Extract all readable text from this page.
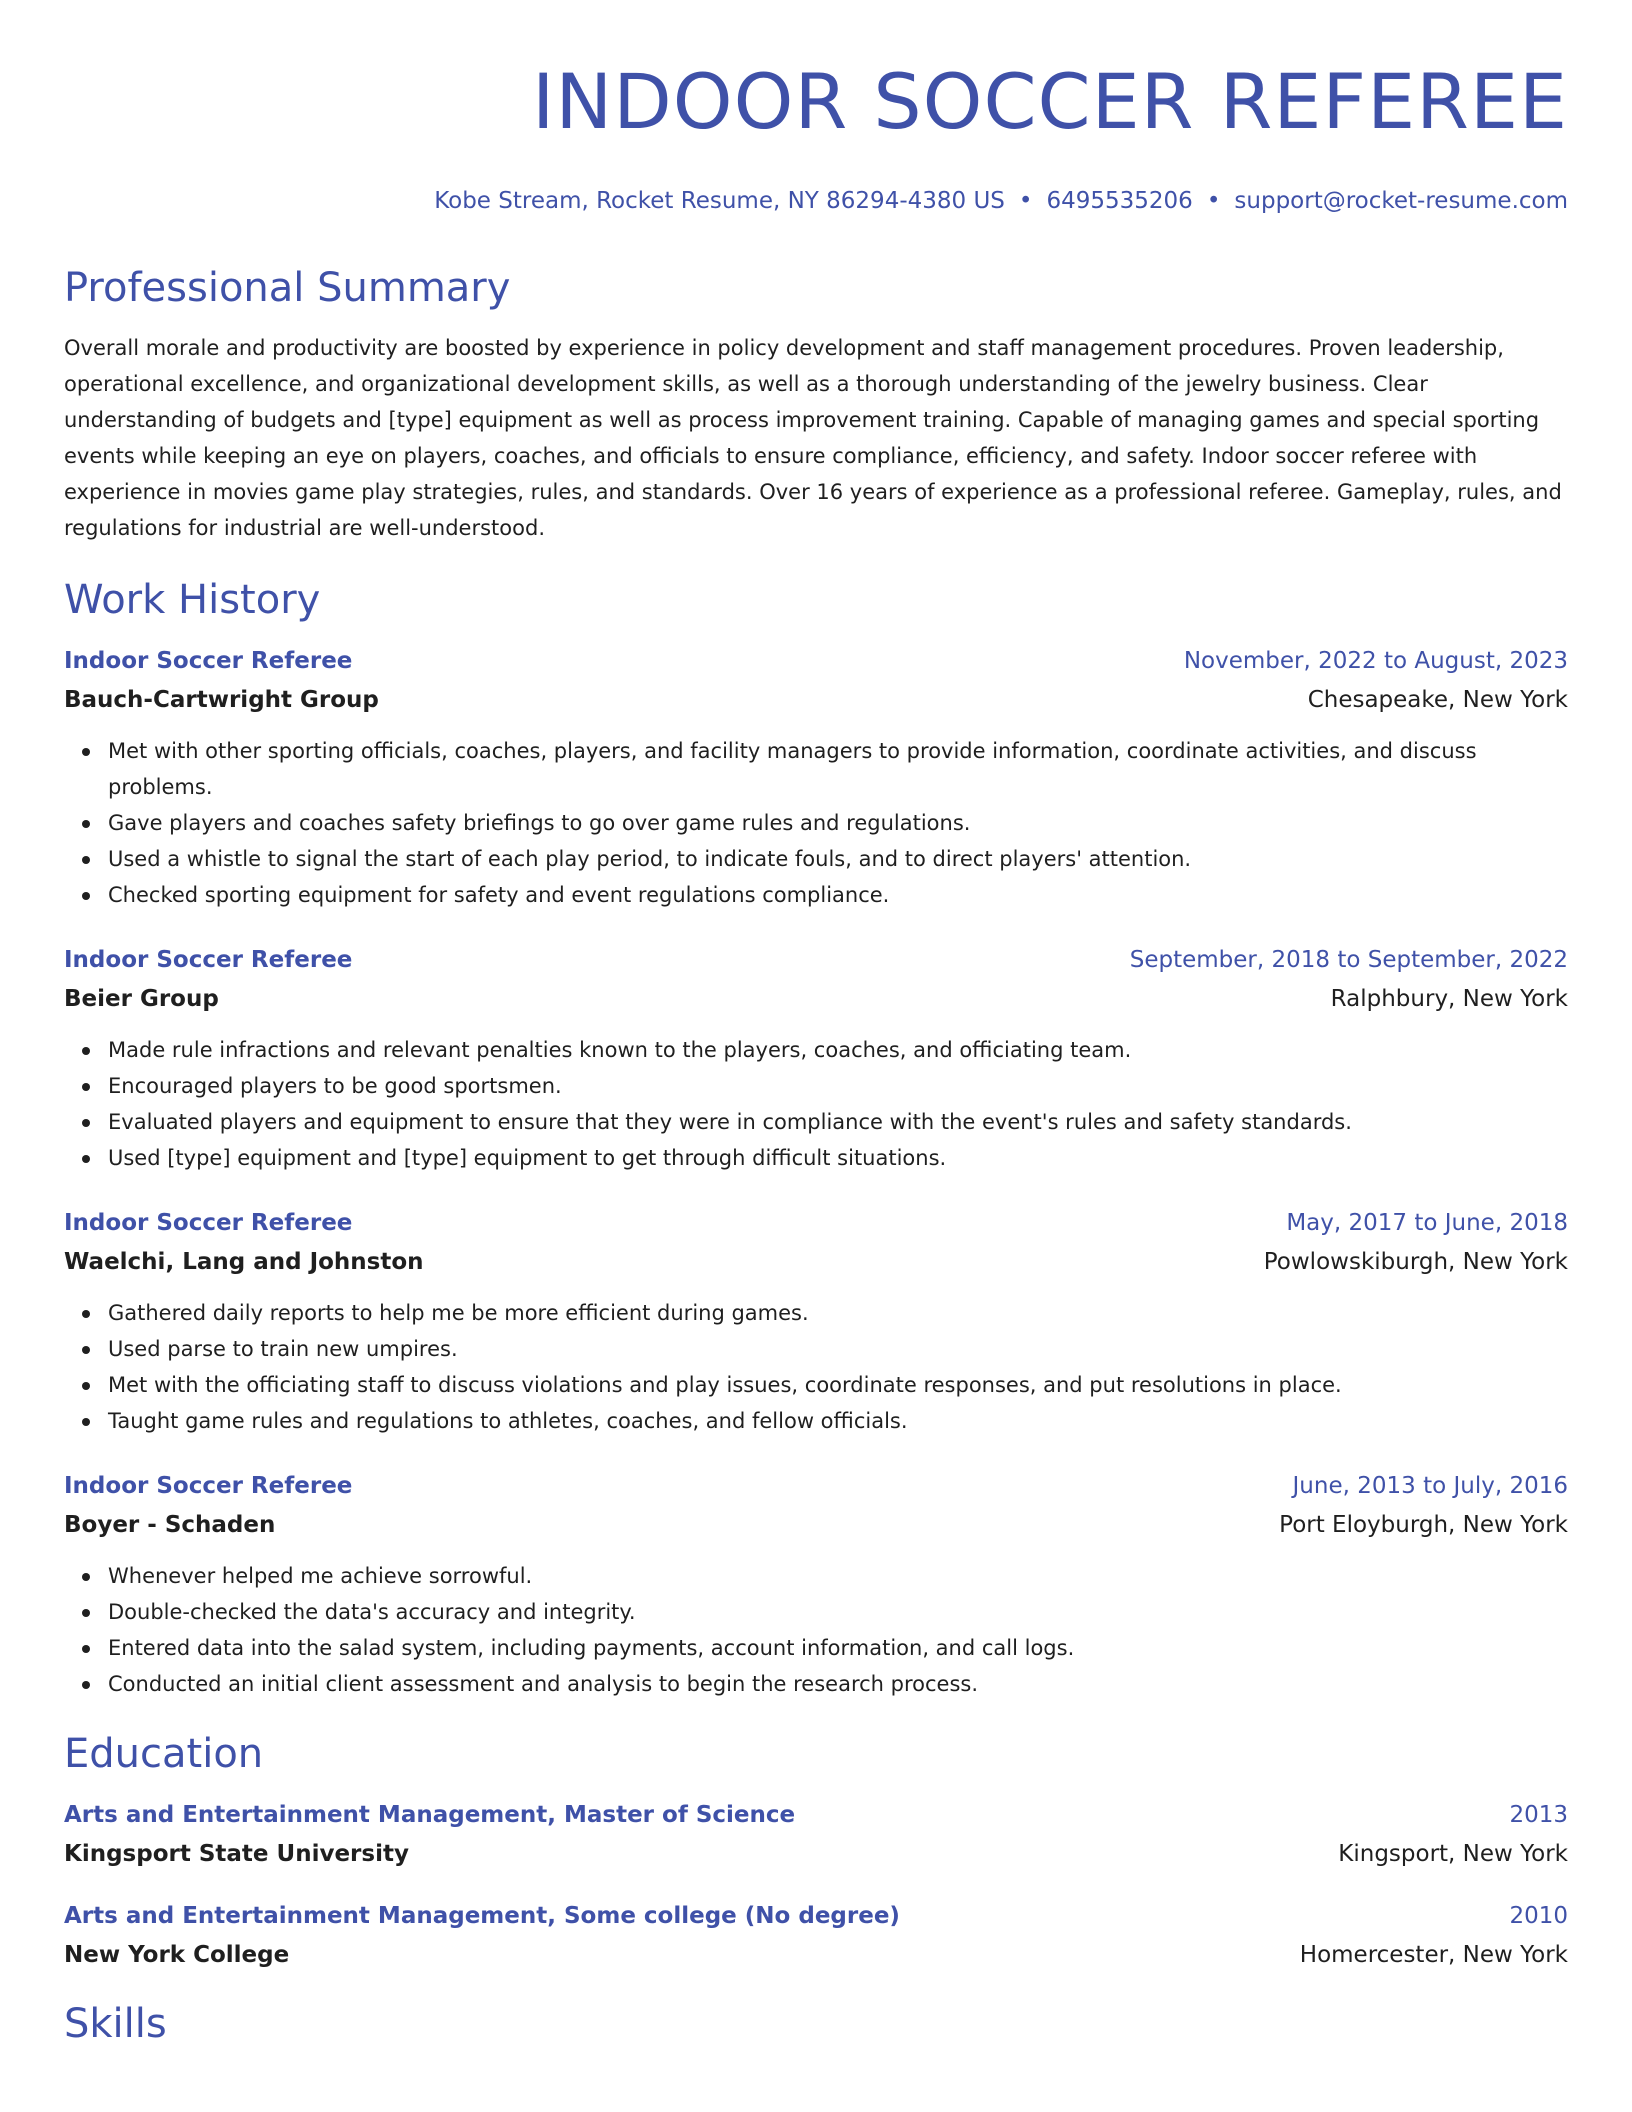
INDOOR SOCCER REFEREE
Kobe Stream, Rocket Resume, NY 86294-4380 US • 6495535206 • support@rocket-resume.com
Professional Summary
Overall morale and productivity are boosted by experience in policy development and staff management procedures. Proven leadership, operational excellence, and organizational development skills, as well as a thorough understanding of the jewelry business. Clear understanding of budgets and [type] equipment as well as process improvement training. Capable of managing games and special sporting events while keeping an eye on players, coaches, and officials to ensure compliance, efficiency, and safety. Indoor soccer referee with experience in movies game play strategies, rules, and standards. Over 16 years of experience as a professional referee. Gameplay, rules, and regulations for industrial are well-understood.
Work History
Indoor Soccer Referee	November, 2022 to August, 2023
Bauch-Cartwright Group	Chesapeake, New York
Met with other sporting officials, coaches, players, and facility managers to provide information, coordinate activities, and discuss problems.
Gave players and coaches safety briefings to go over game rules and regulations.
Used a whistle to signal the start of each play period, to indicate fouls, and to direct players' attention.
Checked sporting equipment for safety and event regulations compliance.
Indoor Soccer Referee	September, 2018 to September, 2022
Beier Group	Ralphbury, New York
Made rule infractions and relevant penalties known to the players, coaches, and officiating team.
Encouraged players to be good sportsmen.
Evaluated players and equipment to ensure that they were in compliance with the event's rules and safety standards.
Used [type] equipment and [type] equipment to get through difficult situations.
Indoor Soccer Referee	May, 2017 to June, 2018
Waelchi, Lang and Johnston	Powlowskiburgh, New York
Gathered daily reports to help me be more efficient during games.
Used parse to train new umpires.
Met with the officiating staff to discuss violations and play issues, coordinate responses, and put resolutions in place.
Taught game rules and regulations to athletes, coaches, and fellow officials.
Indoor Soccer Referee	June, 2013 to July, 2016
Boyer - Schaden	Port Eloyburgh, New York
Whenever helped me achieve sorrowful.
Double-checked the data's accuracy and integrity.
Entered data into the salad system, including payments, account information, and call logs.
Conducted an initial client assessment and analysis to begin the research process.
Education
Arts and Entertainment Management, Master of Science	2013
Kingsport State University	Kingsport, New York
Arts and Entertainment Management, Some college (No degree)	2010
New York College	Homercester, New York
Skills
